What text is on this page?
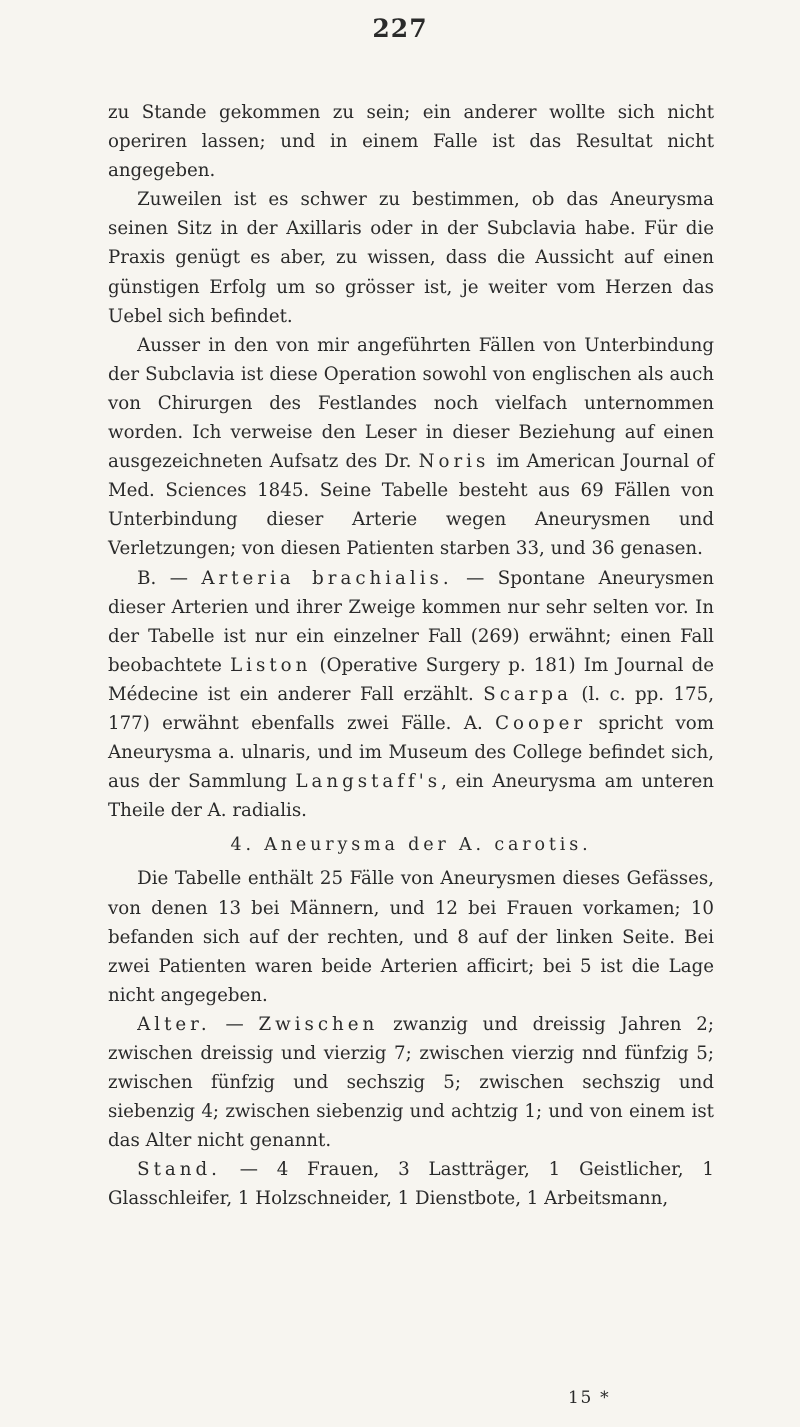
227

zu Stande gekommen zu sein; ein anderer wollte sich nicht operiren lassen; und in einem Falle ist das Resultat nicht angegeben.

Zuweilen ist es schwer zu bestimmen, ob das Aneurysma seinen Sitz in der Axillaris oder in der Subclavia habe. Für die Praxis genügt es aber, zu wissen, dass die Aussicht auf einen günstigen Erfolg um so grösser ist, je weiter vom Herzen das Uebel sich befindet.

Ausser in den von mir angeführten Fällen von Unterbindung der Subclavia ist diese Operation sowohl von englischen als auch von Chirurgen des Festlandes noch vielfach unternommen worden. Ich verweise den Leser in dieser Beziehung auf einen ausgezeichneten Aufsatz des Dr. Noris im American Journal of Med. Sciences 1845. Seine Tabelle besteht aus 69 Fällen von Unterbindung dieser Arterie wegen Aneurysmen und Verletzungen; von diesen Patienten starben 33, und 36 genasen.

B. — Arteria brachialis. — Spontane Aneurysmen dieser Arterien und ihrer Zweige kommen nur sehr selten vor. In der Tabelle ist nur ein einzelner Fall (269) erwähnt; einen Fall beobachtete Liston (Operative Surgery p. 181) Im Journal de Médecine ist ein anderer Fall erzählt. Scarpa (l. c. pp. 175, 177) erwähnt ebenfalls zwei Fälle. A. Cooper spricht vom Aneurysma a. ulnaris, und im Museum des College befindet sich, aus der Sammlung Langstaff's, ein Aneurysma am unteren Theile der A. radialis.

4. Aneurysma der A. carotis.

Die Tabelle enthält 25 Fälle von Aneurysmen dieses Gefässes, von denen 13 bei Männern, und 12 bei Frauen vorkamen; 10 befanden sich auf der rechten, und 8 auf der linken Seite. Bei zwei Patienten waren beide Arterien afficirt; bei 5 ist die Lage nicht angegeben.

Alter. — Zwischen zwanzig und dreissig Jahren 2; zwischen dreissig und vierzig 7; zwischen vierzig nnd fünfzig 5; zwischen fünfzig und sechszig 5; zwischen sechszig und siebenzig 4; zwischen siebenzig und achtzig 1; und von einem ist das Alter nicht genannt.

Stand. — 4 Frauen, 3 Lastträger, 1 Geistlicher, 1 Glasschleifer, 1 Holzschneider, 1 Dienstbote, 1 Arbeitsmann,

15 *
